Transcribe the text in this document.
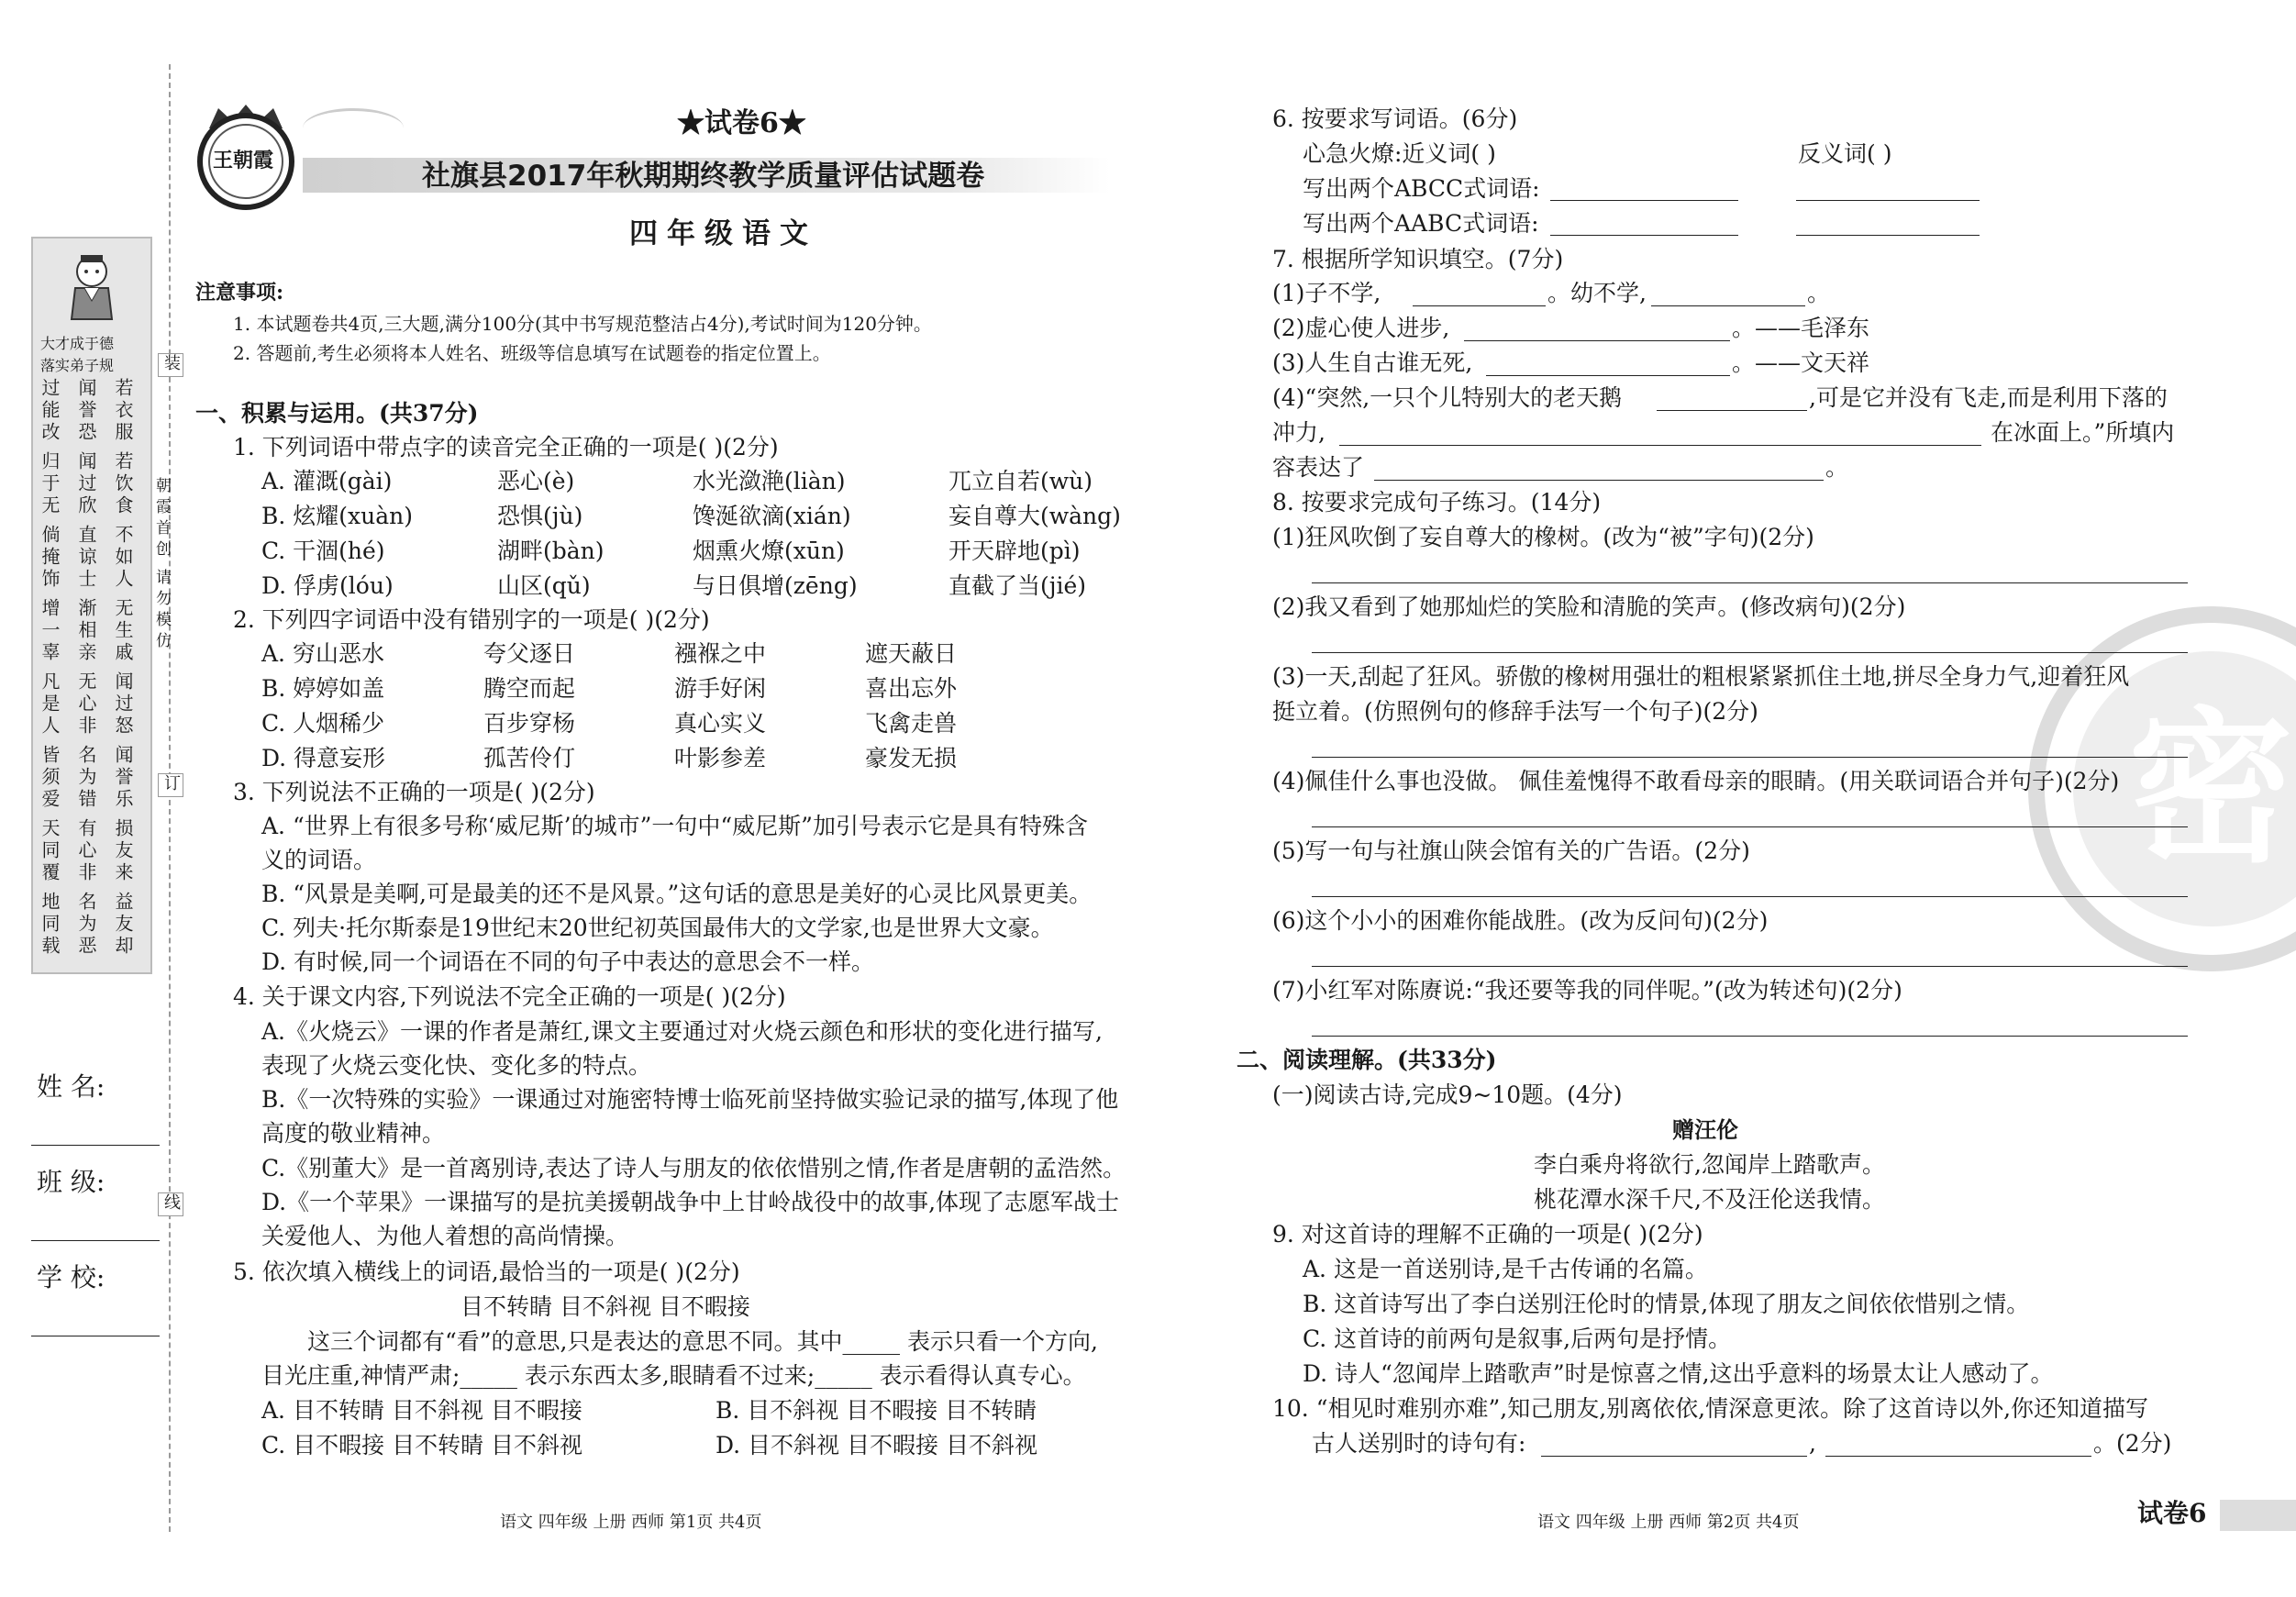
大才成于德
落实弟子规
过能改 闻誉恐 若衣服
归于无 闻过欣 若饮食
倘掩饰 直谅士 不如人
增一辜 渐相亲 无生戚
凡是人 无心非 闻过怒
皆须爱 名为错 闻誉乐
天同覆 有心非 损友来
地同载 名为恶 益友却
装
订
线
朝霞首创
请勿模仿
姓 名:
班 级:
学 校:
王朝霞
★试卷6★
社旗县2017年秋期期终教学质量评估试题卷
四年级语文
注意事项:
1. 本试题卷共4页,三大题,满分100分(其中书写规范整洁占4分),考试时间为120分钟。
2. 答题前,考生必须将本人姓名、班级等信息填写在试题卷的指定位置上。
一、积累与运用。(共37分)
1. 下列词语中带点字的读音完全正确的一项是( )(2分)
A. 灌溉(gài)	恶心(è)	水光潋滟(liàn)	兀立自若(wù)
B. 炫耀(xuàn)	恐惧(jù)	馋涎欲滴(xián)	妄自尊大(wàng)
C. 干涸(hé)	湖畔(bàn)	烟熏火燎(xūn)	开天辟地(pì)
D. 俘虏(lóu)	山区(qǔ)	与日俱增(zēng)	直截了当(jié)
2. 下列四字词语中没有错别字的一项是( )(2分)
A. 穷山恶水	夸父逐日	襁褓之中	遮天蔽日
B. 婷婷如盖	腾空而起	游手好闲	喜出忘外
C. 人烟稀少	百步穿杨	真心实义	飞禽走兽
D. 得意妄形	孤苦伶仃	叶影参差	豪发无损
3. 下列说法不正确的一项是( )(2分)
A. “世界上有很多号称‘威尼斯’的城市”一句中“威尼斯”加引号表示它是具有特殊含
义的词语。
B. “风景是美啊,可是最美的还不是风景。”这句话的意思是美好的心灵比风景更美。
C. 列夫·托尔斯泰是19世纪末20世纪初英国最伟大的文学家,也是世界大文豪。
D. 有时候,同一个词语在不同的句子中表达的意思会不一样。
4. 关于课文内容,下列说法不完全正确的一项是( )(2分)
A.《火烧云》一课的作者是萧红,课文主要通过对火烧云颜色和形状的变化进行描写,
表现了火烧云变化快、变化多的特点。
B.《一次特殊的实验》一课通过对施密特博士临死前坚持做实验记录的描写,体现了他
高度的敬业精神。
C.《别董大》是一首离别诗,表达了诗人与朋友的依依惜别之情,作者是唐朝的孟浩然。
D.《一个苹果》一课描写的是抗美援朝战争中上甘岭战役中的故事,体现了志愿军战士
关爱他人、为他人着想的高尚情操。
5. 依次填入横线上的词语,最恰当的一项是( )(2分)
目不转睛 目不斜视 目不暇接
这三个词都有“看”的意思,只是表达的意思不同。其中_____ 表示只看一个方向,
目光庄重,神情严肃;_____ 表示东西太多,眼睛看不过来;_____ 表示看得认真专心。
A. 目不转睛 目不斜视 目不暇接	B. 目不斜视 目不暇接 目不转睛
C. 目不暇接 目不转睛 目不斜视	D. 目不斜视 目不暇接 目不斜视
语文 四年级 上册 西师 第1页 共4页
密
6. 按要求写词语。(6分)
心急火燎:近义词( )	反义词( )
写出两个ABCC式词语:
写出两个AABC式词语:
7. 根据所学知识填空。(7分)
(1)子不学,	。幼不学,	。
(2)虚心使人进步,	。——毛泽东
(3)人生自古谁无死,	。——文天祥
(4)“突然,一只个儿特别大的老天鹅	,可是它并没有飞走,而是利用下落的
冲力,	在冰面上。”所填内
容表达了	。
8. 按要求完成句子练习。(14分)
(1)狂风吹倒了妄自尊大的橡树。(改为“被”字句)(2分)
(2)我又看到了她那灿烂的笑脸和清脆的笑声。(修改病句)(2分)
(3)一天,刮起了狂风。骄傲的橡树用强壮的粗根紧紧抓住土地,拼尽全身力气,迎着狂风
挺立着。(仿照例句的修辞手法写一个句子)(2分)
(4)佩佳什么事也没做。 佩佳羞愧得不敢看母亲的眼睛。(用关联词语合并句子)(2分)
(5)写一句与社旗山陕会馆有关的广告语。(2分)
(6)这个小小的困难你能战胜。(改为反问句)(2分)
(7)小红军对陈赓说:“我还要等我的同伴呢。”(改为转述句)(2分)
二、阅读理解。(共33分)
(一)阅读古诗,完成9~10题。(4分)
赠汪伦
李白乘舟将欲行,忽闻岸上踏歌声。
桃花潭水深千尺,不及汪伦送我情。
9. 对这首诗的理解不正确的一项是( )(2分)
A. 这是一首送别诗,是千古传诵的名篇。
B. 这首诗写出了李白送别汪伦时的情景,体现了朋友之间依依惜别之情。
C. 这首诗的前两句是叙事,后两句是抒情。
D. 诗人“忽闻岸上踏歌声”时是惊喜之情,这出乎意料的场景太让人感动了。
10. “相见时难别亦难”,知己朋友,别离依依,情深意更浓。除了这首诗以外,你还知道描写
古人送别时的诗句有:	,	。(2分)
语文 四年级 上册 西师 第2页 共4页	试卷6
